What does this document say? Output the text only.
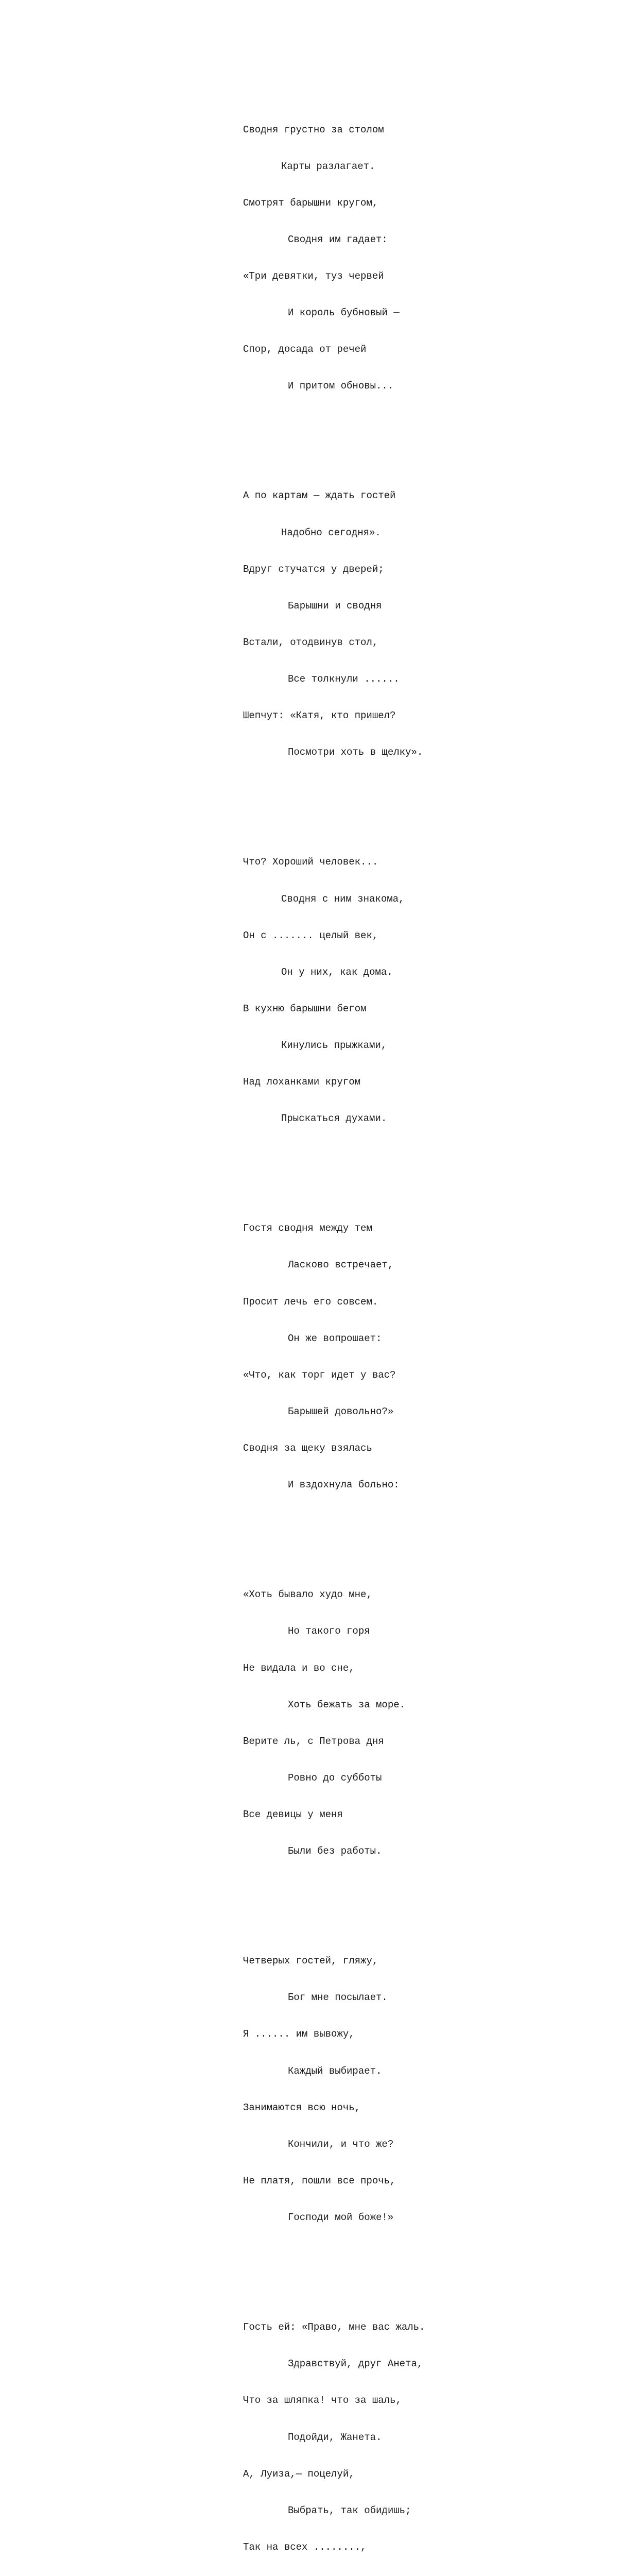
Сводня грустно за столом

Карты разлагает.

Смотрят барышни кругом,

Сводня им гадает:

«Три девятки, туз червей

И король бубновый —

Спор, досада от речей

И притом обновы...

А по картам — ждать гостей

Надобно сегодня».

Вдруг стучатся у дверей;

Барышни и сводня

Встали, отодвинув стол,

Все толкнули ......

Шепчут: «Катя, кто пришел?

Посмотри хоть в щелку».

Что? Хороший человек...

Сводня с ним знакома,

Он с ....... целый век,

Он у них, как дома.

В кухню барышни бегом

Кинулись прыжками,

Над лоханками кругом

Прыскаться духами.

Гостя сводня между тем

Ласково встречает,

Просит лечь его совсем.

Он же вопрошает:

«Что, как торг идет у вас?

Барышей довольно?»

Сводня за щеку взялась

И вздохнула больно:

«Хоть бывало худо мне,

Но такого горя

Не видала и во сне,

Хоть бежать за море.

Верите ль, с Петрова дня

Ровно до субботы

Все девицы у меня

Были без работы.

Четверых гостей, гляжу,

Бог мне посылает.

Я ...... им вывожу,

Каждый выбирает.

Занимаются всю ночь,

Кончили, и что же?

Не платя, пошли все прочь,

Господи мой боже!»

Гость ей: «Право, мне вас жаль.

Здравствуй, друг Анета,

Что за шляпка! что за шаль,

Подойди, Жанета.

А, Луиза,— поцелуй,

Выбрать, так обидишь;

Так на всех ........,
